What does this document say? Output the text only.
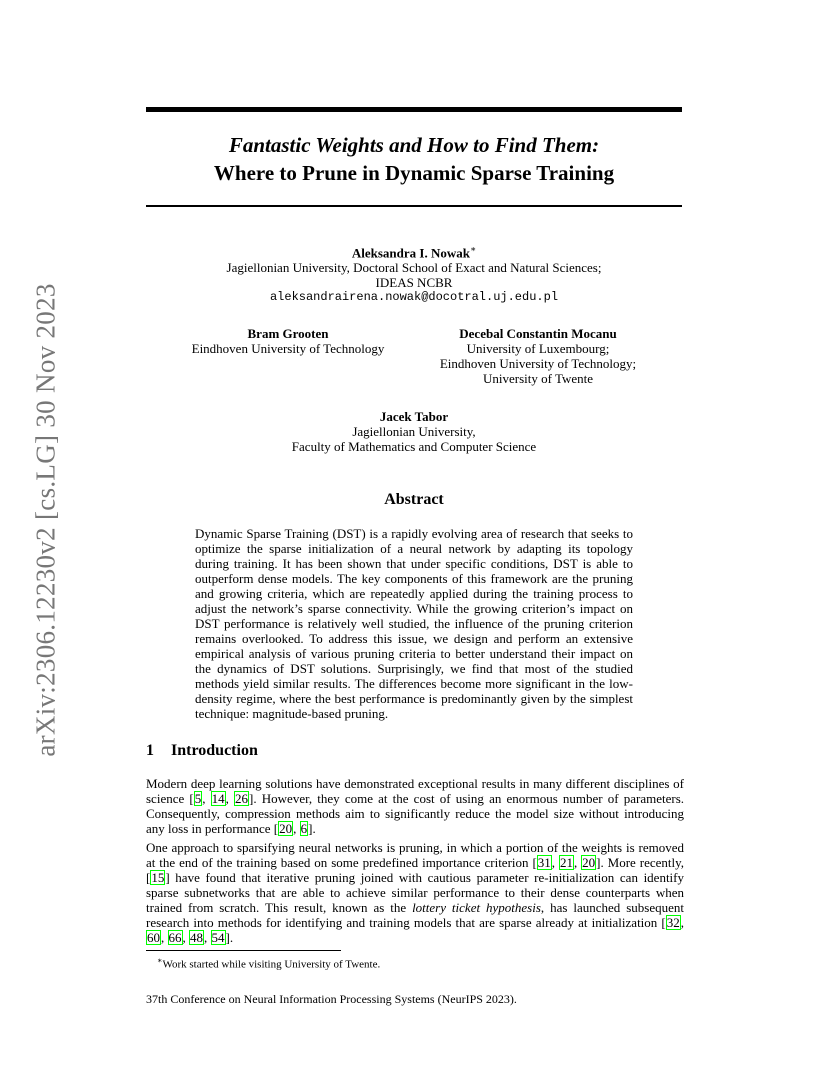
Fantastic Weights and How to Find Them:
Where to Prune in Dynamic Sparse Training
arXiv:2306.12230v2 [cs.LG] 30 Nov 2023
Aleksandra I. Nowak∗
Jagiellonian University, Doctoral School of Exact and Natural Sciences;
IDEAS NCBR
aleksandrairena.nowak@docotral.uj.edu.pl
Bram Grooten
Eindhoven University of Technology
Decebal Constantin Mocanu
University of Luxembourg;
Eindhoven University of Technology;
University of Twente
Jacek Tabor
Jagiellonian University,
Faculty of Mathematics and Computer Science
Abstract

Dynamic Sparse Training (DST) is a rapidly evolving area of research that seeks to optimize the sparse initialization of a neural network by adapting its topology during training. It has been shown that under specific conditions, DST is able to outperform dense models. The key components of this framework are the pruning and growing criteria, which are repeatedly applied during the training process to adjust the network’s sparse connectivity. While the growing criterion’s impact on DST performance is relatively well studied, the influence of the pruning criterion remains overlooked. To address this issue, we design and perform an extensive empirical analysis of various pruning criteria to better understand their impact on the dynamics of DST solutions. Surprisingly, we find that most of the studied methods yield similar results. The differences become more significant in the low-density regime, where the best performance is predominantly given by the simplest technique: magnitude-based pruning.

1 Introduction

Modern deep learning solutions have demonstrated exceptional results in many different disciplines of science [5, 14, 26]. However, they come at the cost of using an enormous number of parameters. Consequently, compression methods aim to significantly reduce the model size without introducing any loss in performance [20, 6].

One approach to sparsifying neural networks is pruning, in which a portion of the weights is removed at the end of the training based on some predefined importance criterion [31, 21, 20]. More recently, [15] have found that iterative pruning joined with cautious parameter re-initialization can identify sparse subnetworks that are able to achieve similar performance to their dense counterparts when trained from scratch. This result, known as the lottery ticket hypothesis, has launched subsequent research into methods for identifying and training models that are sparse already at initialization [32, 60, 66, 48, 54].

∗Work started while visiting University of Twente.
37th Conference on Neural Information Processing Systems (NeurIPS 2023).
